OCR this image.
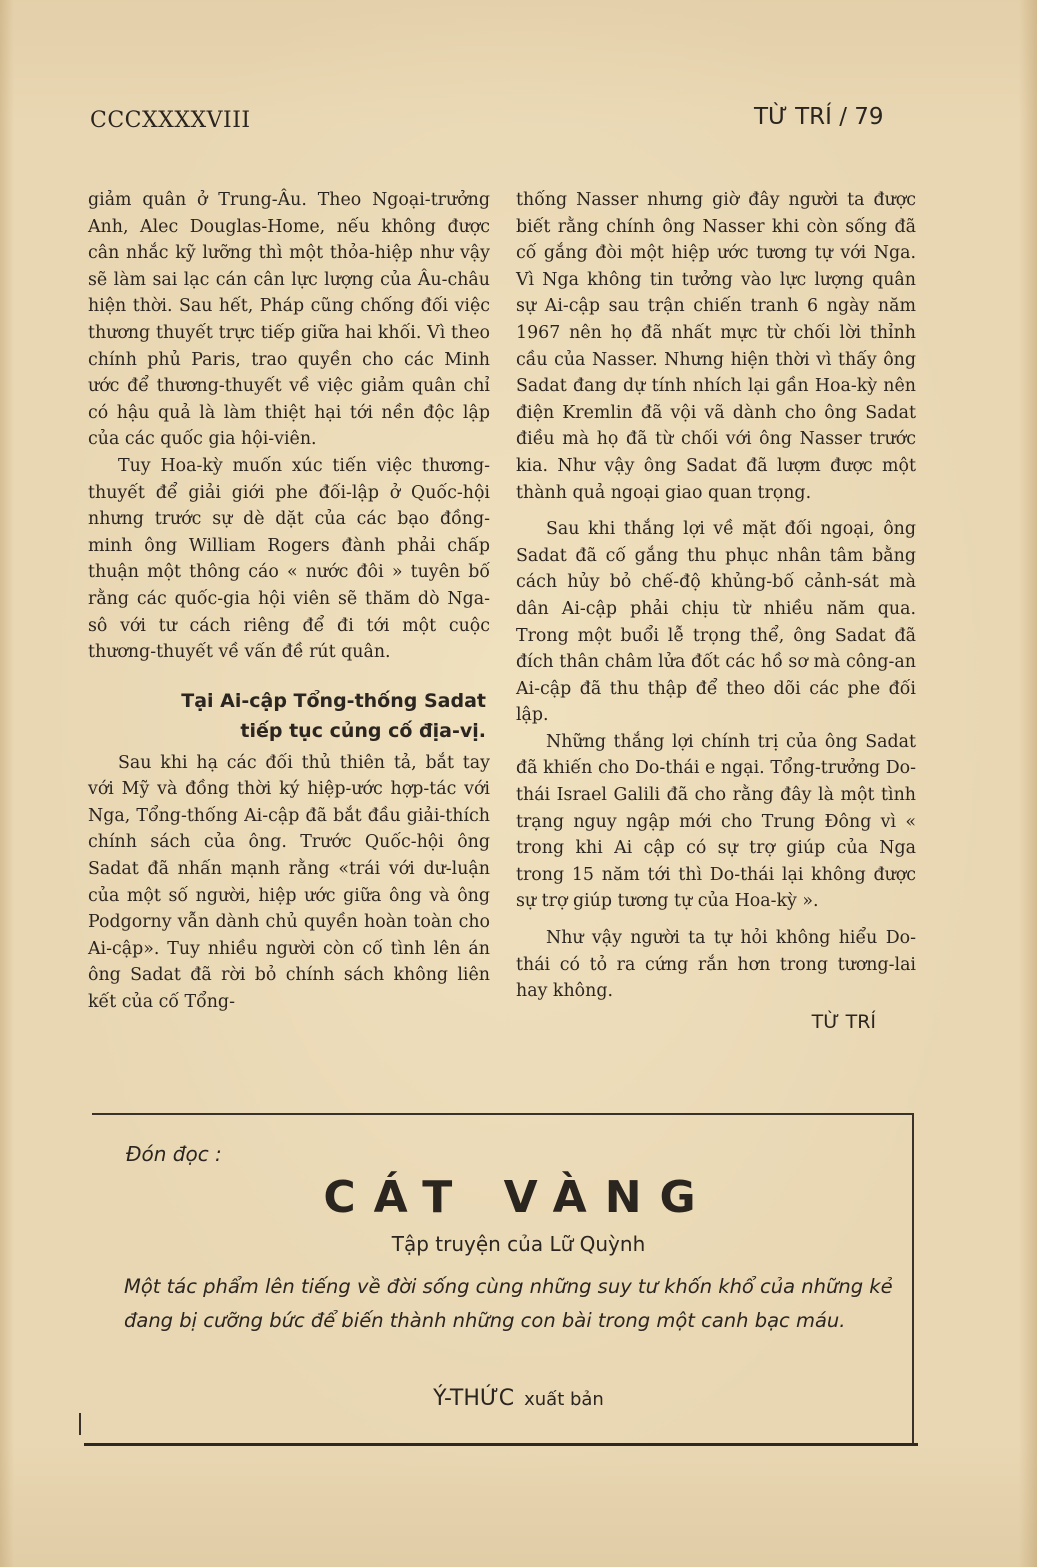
CCCXXXXVIII	TỪ TRÍ / 79

giảm quân ở Trung-Âu. Theo Ngoại-trưởng Anh, Alec Douglas-Home, nếu không được cân nhắc kỹ lưỡng thì một thỏa-hiệp như vậy sẽ làm sai lạc cán cân lực lượng của Âu-châu hiện thời. Sau hết, Pháp cũng chống đối việc thương thuyết trực tiếp giữa hai khối. Vì theo chính phủ Paris, trao quyền cho các Minh ước để thương-thuyết về việc giảm quân chỉ có hậu quả là làm thiệt hại tới nền độc lập của các quốc gia hội-viên.

Tuy Hoa-kỳ muốn xúc tiến việc thương-thuyết để giải giới phe đối-lập ở Quốc-hội nhưng trước sự dè dặt của các bạo đồng-minh ông William Rogers đành phải chấp thuận một thông cáo « nước đôi » tuyên bố rằng các quốc-gia hội viên sẽ thăm dò Nga-sô với tư cách riêng để đi tới một cuộc thương-thuyết về vấn đề rút quân.

Tại Ai-cập Tổng-thống Sadat
tiếp tục củng cố địa-vị.

Sau khi hạ các đối thủ thiên tả, bắt tay với Mỹ và đồng thời ký hiệp-ước hợp-tác với Nga, Tổng-thống Ai-cập đã bắt đầu giải-thích chính sách của ông. Trước Quốc-hội ông Sadat đã nhấn mạnh rằng «trái với dư-luận của một số người, hiệp ước giữa ông và ông Podgorny vẫn dành chủ quyền hoàn toàn cho Ai-cập». Tuy nhiều người còn cố tình lên án ông Sadat đã rời bỏ chính sách không liên kết của cố Tổng-

thống Nasser nhưng giờ đây người ta được biết rằng chính ông Nasser khi còn sống đã cố gắng đòi một hiệp ước tương tự với Nga. Vì Nga không tin tưởng vào lực lượng quân sự Ai-cập sau trận chiến tranh 6 ngày năm 1967 nên họ đã nhất mực từ chối lời thỉnh cầu của Nasser. Nhưng hiện thời vì thấy ông Sadat đang dự tính nhích lại gần Hoa-kỳ nên điện Kremlin đã vội vã dành cho ông Sadat điều mà họ đã từ chối với ông Nasser trước kia. Như vậy ông Sadat đã lượm được một thành quả ngoại giao quan trọng.

Sau khi thắng lợi về mặt đối ngoại, ông Sadat đã cố gắng thu phục nhân tâm bằng cách hủy bỏ chế-độ khủng-bố cảnh-sát mà dân Ai-cập phải chịu từ nhiều năm qua. Trong một buổi lễ trọng thể, ông Sadat đã đích thân châm lửa đốt các hồ sơ mà công-an Ai-cập đã thu thập để theo dõi các phe đối lập.

Những thắng lợi chính trị của ông Sadat đã khiến cho Do-thái e ngại. Tổng-trưởng Do-thái Israel Galili đã cho rằng đây là một tình trạng nguy ngập mới cho Trung Đông vì « trong khi Ai cập có sự trợ giúp của Nga trong 15 năm tới thì Do-thái lại không được sự trợ giúp tương tự của Hoa-kỳ ».

Như vậy người ta tự hỏi không hiểu Do-thái có tỏ ra cứng rắn hơn trong tương-lai hay không.

TỪ TRÍ
Đón đọc :
CÁT VÀNG
Tập truyện của Lữ Quỳnh
Một tác phẩm lên tiếng về đời sống cùng những suy tư khốn khổ của những kẻ đang bị cưỡng bức để biến thành những con bài trong một canh bạc máu.
Ý-THỨC xuất bản
